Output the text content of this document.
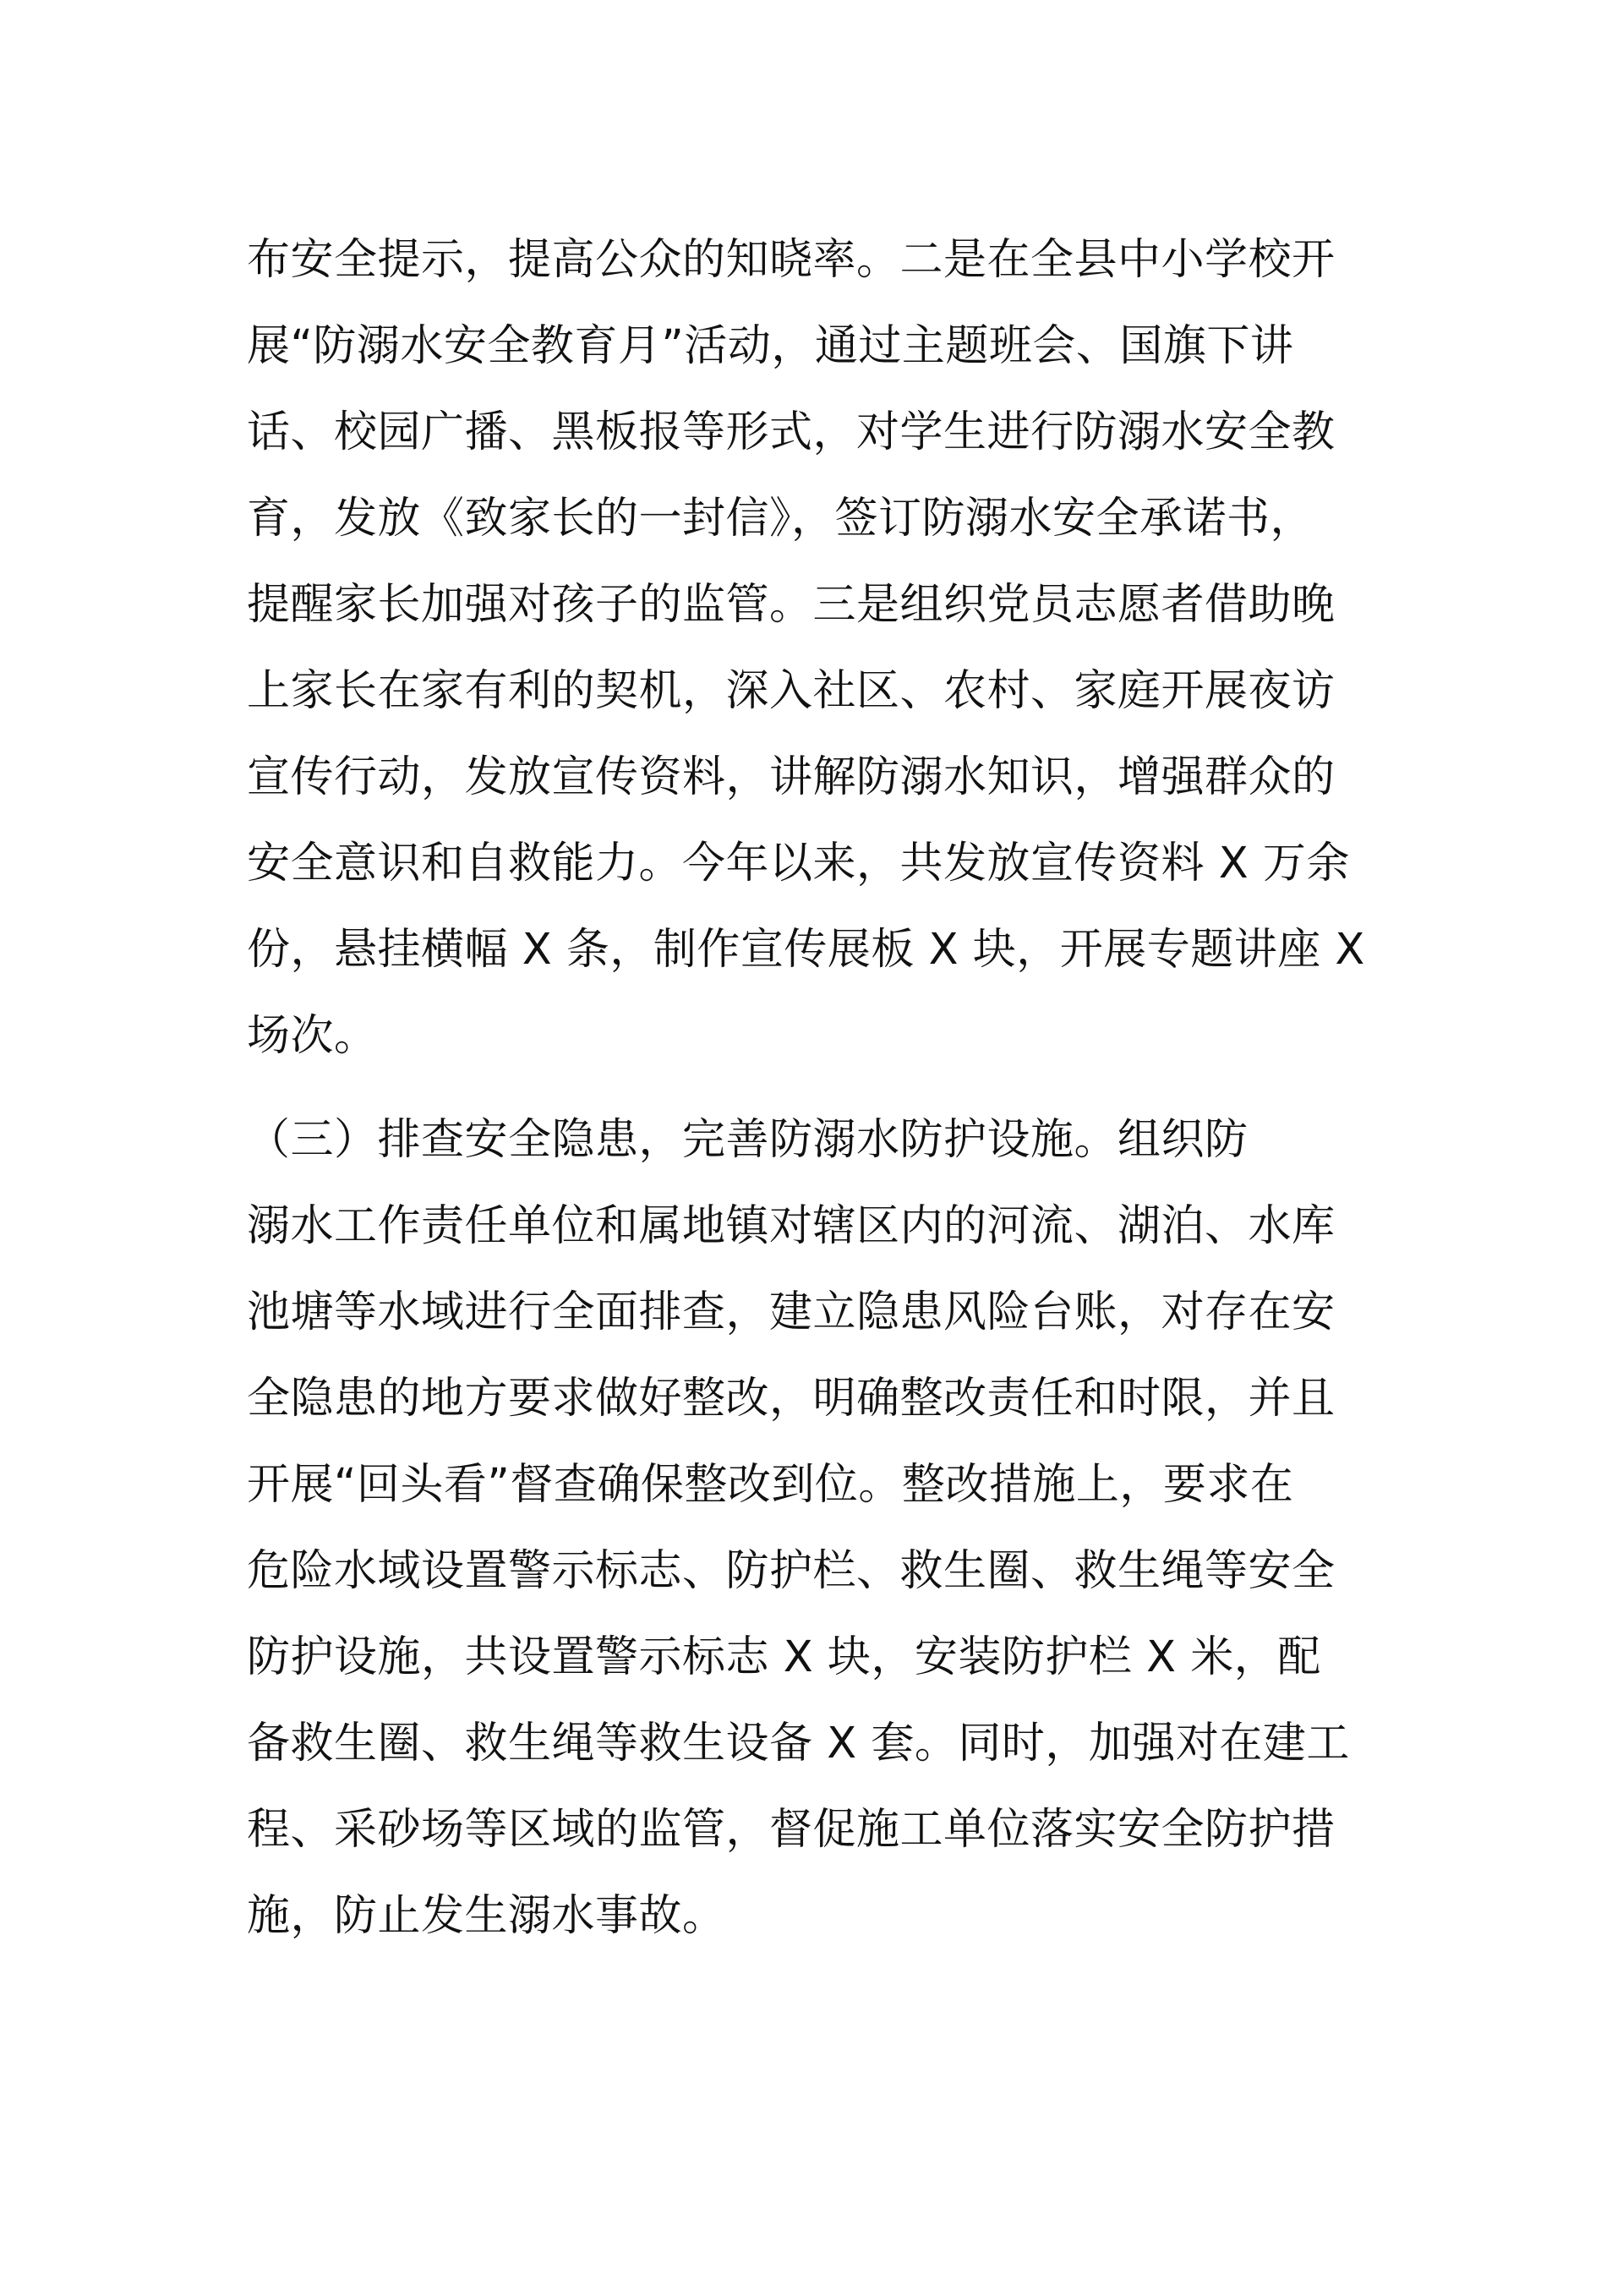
布安全提示，提高公众的知晓率。二是在全县中小学校开
展“防溺水安全教育月”活动，通过主题班会、国旗下讲
话、校园广播、黑板报等形式，对学生进行防溺水安全教
育，发放《致家长的一封信》，签订防溺水安全承诺书，
提醒家长加强对孩子的监管。三是组织党员志愿者借助晚
上家长在家有利的契机，深入社区、农村、家庭开展夜访
宣传行动，发放宣传资料，讲解防溺水知识，增强群众的
安全意识和自救能力。今年以来，共发放宣传资料 X 万余
份，悬挂横幅 X 条，制作宣传展板 X 块，开展专题讲座 X
场次。
（三）排查安全隐患，完善防溺水防护设施。组织防
溺水工作责任单位和属地镇对辖区内的河流、湖泊、水库
池塘等水域进行全面排查，建立隐患风险台账，对存在安
全隐患的地方要求做好整改，明确整改责任和时限，并且
开展“回头看”督查确保整改到位。整改措施上，要求在
危险水域设置警示标志、防护栏、救生圈、救生绳等安全
防护设施，共设置警示标志 X 块，安装防护栏 X 米，配
备救生圈、救生绳等救生设备 X 套。同时，加强对在建工
程、采砂场等区域的监管，督促施工单位落实安全防护措
施，防止发生溺水事故。
